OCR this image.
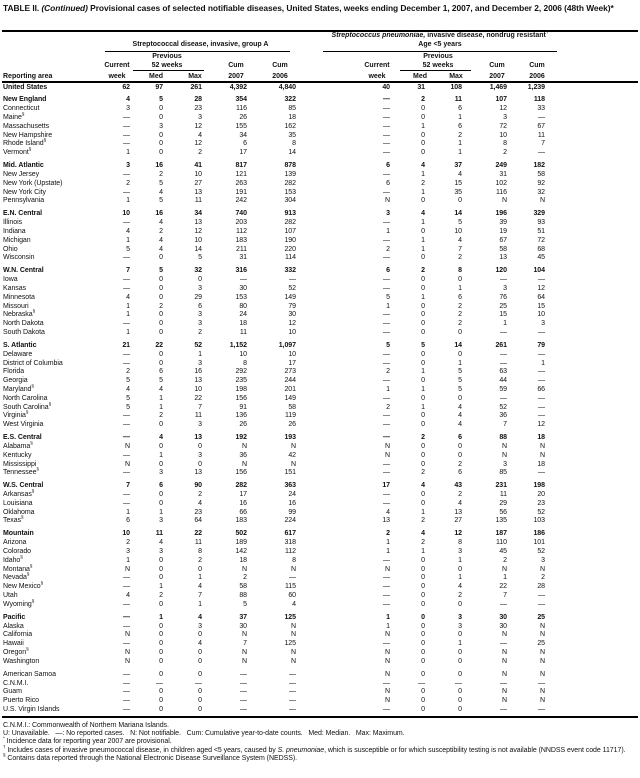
TABLE II. (Continued) Provisional cases of selected notifiable diseases, United States, weeks ending December 1, 2007, and December 2, 2006 (48th Week)*
Streptococcal disease, invasive, group A
Streptococcus pneumoniae, invasive disease, nondrug resistant†
Age <5 years
Previous	Previous
Current	52 weeks	Cum	Cum	Current	52 weeks	Cum	Cum
Reporting area	week	Med	Max	2007	2006	week	Med	Max	2007	2006
United States	62	97	261	4,392	4,840	40	31	108	1,469	1,239
New England	4	5	28	354	322	—	2	11	107	118
Connecticut	3	0	23	116	85	—	0	6	12	33
Maine§	—	0	3	26	18	—	0	1	3	—
Massachusetts	—	3	12	155	162	—	1	6	72	67
New Hampshire	—	0	4	34	35	—	0	2	10	11
Rhode Island§	—	0	12	6	8	—	0	1	8	7
Vermont§	1	0	2	17	14	—	0	1	2	—
Mid. Atlantic	3	16	41	817	878	6	4	37	249	182
New Jersey	—	2	10	121	139	—	1	4	31	58
New York (Upstate)	2	5	27	263	282	6	2	15	102	92
New York City	—	4	13	191	153	—	1	35	116	32
Pennsylvania	1	5	11	242	304	N	0	0	N	N
E.N. Central	10	16	34	740	913	3	4	14	196	329
Illinois	—	4	13	203	282	—	1	5	39	93
Indiana	4	2	12	112	107	1	0	10	19	51
Michigan	1	4	10	183	190	—	1	4	67	72
Ohio	5	4	14	211	220	2	1	7	58	68
Wisconsin	—	0	5	31	114	—	0	2	13	45
W.N. Central	7	5	32	316	332	6	2	8	120	104
Iowa	—	0	0	—	—	—	0	0	—	—
Kansas	—	0	3	30	52	—	0	1	3	12
Minnesota	4	0	29	153	149	5	1	6	76	64
Missouri	1	2	6	80	79	1	0	2	25	15
Nebraska§	1	0	3	24	30	—	0	2	15	10
North Dakota	—	0	3	18	12	—	0	2	1	3
South Dakota	1	0	2	11	10	—	0	0	—	—
S. Atlantic	21	22	52	1,152	1,097	5	5	14	261	79
Delaware	—	0	1	10	10	—	0	0	—	—
District of Columbia	—	0	3	8	17	—	0	1	—	1
Florida	2	6	16	292	273	2	1	5	63	—
Georgia	5	5	13	235	244	—	0	5	44	—
Maryland§	4	4	10	198	201	1	1	5	59	66
North Carolina	5	1	22	156	149	—	0	0	—	—
South Carolina§	5	1	7	91	58	2	1	4	52	—
Virginia§	—	2	11	136	119	—	0	4	36	—
West Virginia	—	0	3	26	26	—	0	4	7	12
E.S. Central	—	4	13	192	193	—	2	6	88	18
Alabama§	N	0	0	N	N	N	0	0	N	N
Kentucky	—	1	3	36	42	N	0	0	N	N
Mississippi	N	0	0	N	N	—	0	2	3	18
Tennessee§	—	3	13	156	151	—	2	6	85	—
W.S. Central	7	6	90	282	363	17	4	43	231	198
Arkansas§	—	0	2	17	24	—	0	2	11	20
Louisiana	—	0	4	16	16	—	0	4	29	23
Oklahoma	1	1	23	66	99	4	1	13	56	52
Texas§	6	3	64	183	224	13	2	27	135	103
Mountain	10	11	22	502	617	2	4	12	187	186
Arizona	2	4	11	189	318	1	2	8	110	101
Colorado	3	3	8	142	112	1	1	3	45	52
Idaho§	1	0	2	18	8	—	0	1	2	3
Montana§	N	0	0	N	N	N	0	0	N	N
Nevada§	—	0	1	2	—	—	0	1	1	2
New Mexico§	—	1	4	58	115	—	0	4	22	28
Utah	4	2	7	88	60	—	0	2	7	—
Wyoming§	—	0	1	5	4	—	0	0	—	—
Pacific	—	1	4	37	125	1	0	3	30	25
Alaska	—	0	3	30	N	1	0	3	30	N
California	N	0	0	N	N	N	0	0	N	N
Hawaii	—	0	4	7	125	—	0	1	—	25
Oregon§	N	0	0	N	N	N	0	0	N	N
Washington	N	0	0	N	N	N	0	0	N	N
American Samoa	—	0	0	—	—	N	0	0	N	N
C.N.M.I.	—	—	—	—	—	—	—	—	—	—
Guam	—	0	0	—	—	N	0	0	N	N
Puerto Rico	—	0	0	—	—	N	0	0	N	N
U.S. Virgin Islands	—	0	0	—	—	—	0	0	—	—
C.N.M.I.: Commonwealth of Northern Mariana Islands.
U: Unavailable.   —: No reported cases.   N: Not notifiable.   Cum: Cumulative year-to-date counts.   Med: Median.   Max: Maximum.
* Incidence data for reporting year 2007 are provisional.
† Includes cases of invasive pneumococcal disease, in children aged <5 years, caused by S. pneumoniae, which is susceptible or for which susceptibility testing is not available (NNDSS event code 11717).
§ Contains data reported through the National Electronic Disease Surveillance System (NEDSS).
